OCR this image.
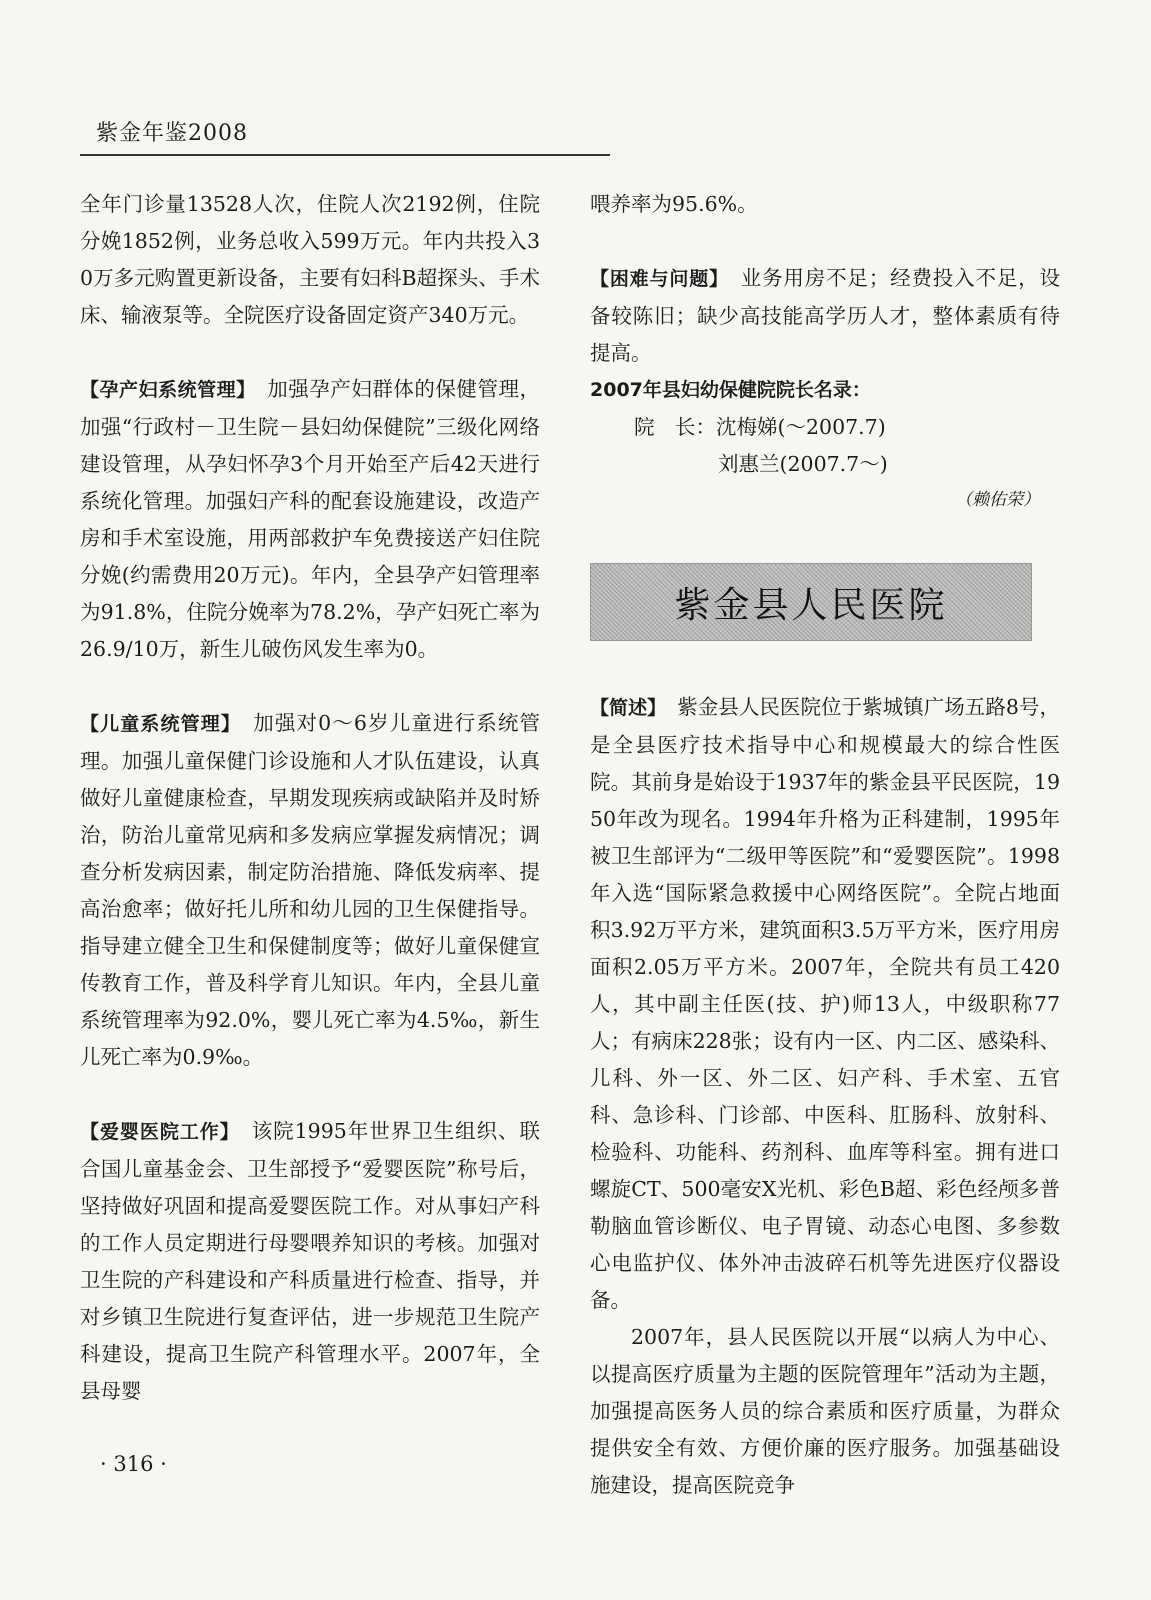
紫金年鉴2008

全年门诊量13528人次，住院人次2192例，住院分娩1852例，业务总收入599万元。年内共投入30万多元购置更新设备，主要有妇科B超探头、手术床、输液泵等。全院医疗设备固定资产340万元。

【孕产妇系统管理】　 加强孕产妇群体的保健管理，加强“行政村－卫生院－县妇幼保健院”三级化网络建设管理，从孕妇怀孕3个月开始至产后42天进行系统化管理。加强妇产科的配套设施建设，改造产房和手术室设施，用两部救护车免费接送产妇住院分娩(约需费用20万元)。年内，全县孕产妇管理率为91.8%，住院分娩率为78.2%，孕产妇死亡率为26.9/10万，新生儿破伤风发生率为0。

【儿童系统管理】　 加强对0～6岁儿童进行系统管理。加强儿童保健门诊设施和人才队伍建设，认真做好儿童健康检查，早期发现疾病或缺陷并及时矫治，防治儿童常见病和多发病应掌握发病情况；调查分析发病因素，制定防治措施、降低发病率、提高治愈率；做好托儿所和幼儿园的卫生保健指导。指导建立健全卫生和保健制度等；做好儿童保健宣传教育工作，普及科学育儿知识。年内，全县儿童系统管理率为92.0%，婴儿死亡率为4.5‰，新生儿死亡率为0.9‰。

【爱婴医院工作】　 该院1995年世界卫生组织、联合国儿童基金会、卫生部授予“爱婴医院”称号后，坚持做好巩固和提高爱婴医院工作。对从事妇产科的工作人员定期进行母婴喂养知识的考核。加强对卫生院的产科建设和产科质量进行检查、指导，并对乡镇卫生院进行复查评估，进一步规范卫生院产科建设，提高卫生院产科管理水平。2007年，全县母婴

喂养率为95.6%。

【困难与问题】　 业务用房不足；经费投入不足，设备较陈旧；缺少高技能高学历人才，整体素质有待提高。

2007年县妇幼保健院院长名录：

院　长：沈梅娣(～2007.7)

刘惠兰(2007.7～)

（赖佑荣）

紫金县人民医院

【简述】　 紫金县人民医院位于紫城镇广场五路8号，是全县医疗技术指导中心和规模最大的综合性医院。其前身是始设于1937年的紫金县平民医院，1950年改为现名。1994年升格为正科建制，1995年被卫生部评为“二级甲等医院”和“爱婴医院”。1998年入选“国际紧急救援中心网络医院”。全院占地面积3.92万平方米，建筑面积3.5万平方米，医疗用房面积2.05万平方米。2007年，全院共有员工420人，其中副主任医(技、护)师13人，中级职称77人；有病床228张；设有内一区、内二区、感染科、儿科、外一区、外二区、妇产科、手术室、五官科、急诊科、门诊部、中医科、肛肠科、放射科、检验科、功能科、药剂科、血库等科室。拥有进口螺旋CT、500毫安X光机、彩色B超、彩色经颅多普勒脑血管诊断仪、电子胃镜、动态心电图、多参数心电监护仪、体外冲击波碎石机等先进医疗仪器设备。

2007年，县人民医院以开展“以病人为中心、以提高医疗质量为主题的医院管理年”活动为主题，加强提高医务人员的综合素质和医疗质量，为群众提供安全有效、方便价廉的医疗服务。加强基础设施建设，提高医院竞争

· 316 ·
